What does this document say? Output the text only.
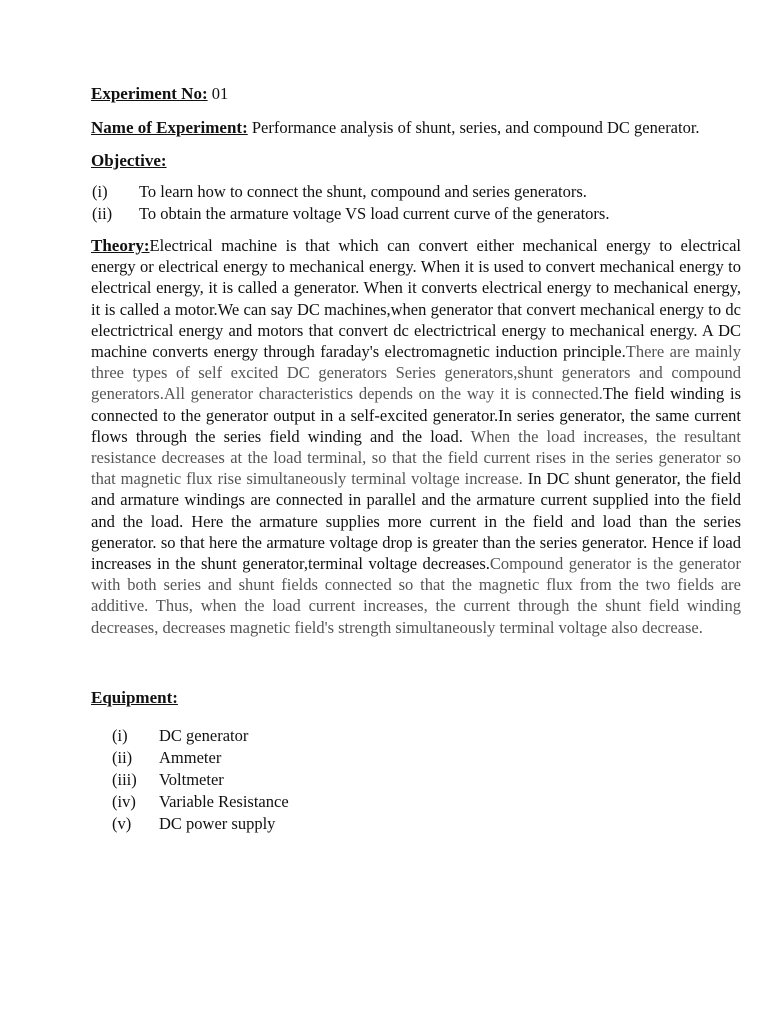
Experiment No: 01
Name of Experiment: Performance analysis of shunt, series, and compound DC generator.
Objective:
(i)	To learn how to connect the shunt, compound and series generators.
(ii)	To obtain the armature voltage VS load current curve of the generators.
Theory:Electrical machine is that which can convert either mechanical energy to electrical energy or electrical energy to mechanical energy. When it is used to convert mechanical energy to electrical energy, it is called a generator. When it converts electrical energy to mechanical energy, it is called a motor.We can say DC machines,when generator that convert mechanical energy to dc electrictrical energy and motors that convert dc electrictrical energy to mechanical energy. A DC machine converts energy through faraday's electromagnetic induction principle.There are mainly three types of self excited DC generators Series generators,shunt generators and compound generators.All generator characteristics depends on the way it is connected.The field winding is connected to the generator output in a self-excited generator.In series generator, the same current flows through the series field winding and the load. When the load increases, the resultant resistance decreases at the load terminal, so that the field current rises in the series generator so that magnetic flux rise simultaneously terminal voltage increase. In DC shunt generator, the field and armature windings are connected in parallel and the armature current supplied into the field and the load. Here the armature supplies more current in the field and load than the series generator. so that here the armature voltage drop is greater than the series generator. Hence if load increases in the shunt generator,terminal voltage decreases.Compound generator is the generator with both series and shunt fields connected so that the magnetic flux from the two fields are additive. Thus, when the load current increases, the current through the shunt field winding decreases, decreases magnetic field's strength simultaneously terminal voltage also decrease.
Equipment:
(i)	DC generator
(ii)	Ammeter
(iii)	Voltmeter
(iv)	Variable Resistance
(v)	DC power supply
